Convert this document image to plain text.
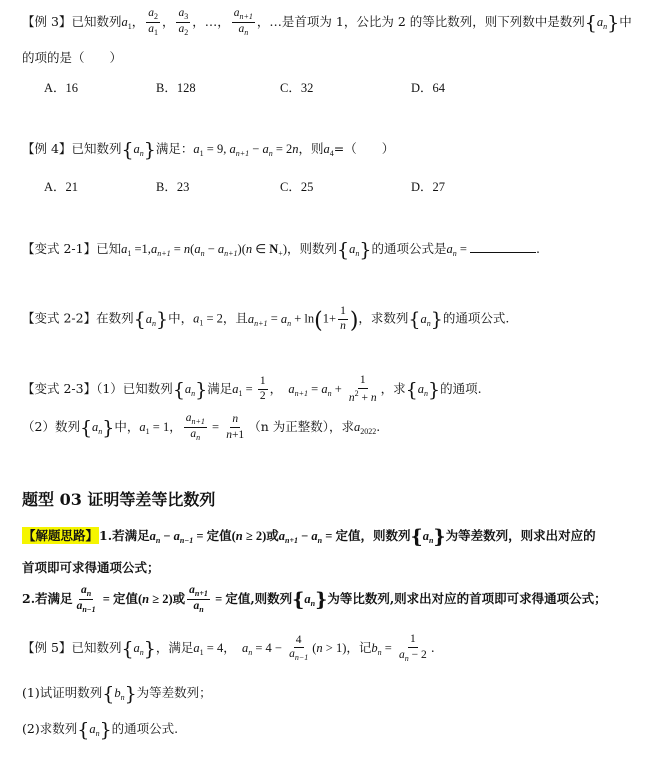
【例 3】已知数列$a_1$， $\frac{a_2}{a_1}$ ， $\frac{a_3}{a_2}$ ，…， $\frac{a_{n+1}}{a_n}$ ，…是首项为 1，公比为 2 的等比数列，则下列数中是数列$\{a_n\}$中
的项的是（　　）
A．16	B．128	C．32	D．64
【例 4】已知数列$\{a_n\}$满足：$a_1 = 9$, $a_{n+1} - a_n = 2n$，则$a_4=$（　　）
A．21	B．23	C．25	D．27
【变式 2-1】已知$a_1 =1,a_{n+1} = n(a_n - a_{n+1})(n$ ∈ $N_+$)，则数列$\{a_n\}$的通项公式是$a_n$ =	.
【变式 2-2】在数列$\{a_n\}$中，$a_1 = 2$，且$a_{n+1} = a_n + \ln(1+ \frac{1}{n}$ )，求数列$\{a_n\}$的通项公式.
【变式 2-3】（1）已知数列$\{a_n\}$满足$a_1 = \frac{1}{2}$ ，　$a_{n+1} = a_n + \frac{1}{n^2 + n}$ ，求$\{a_n\}$的通项.
（2）数列$\{a_n\}$中，$a_1 = 1$， $\frac{a_{n+1}}{a_n} = \frac{n}{n+1} (n$ 为正整数），求$a_{2022}$.
题型 03 证明等差等比数列
【解题思路】1.若满足$a_n - a_{n-1}$ = 定值(n ≥ 2)或$a_{n+1} - a_n$ = 定值，则数列$\{a_n\}$为等差数列，则求出对应的
首项即可求得通项公式；
2.若满足 $\frac{a_n}{a_{n-1}}$ = 定值(n ≥ 2)或 $\frac{a_{n+1}}{a_n}$ = 定值,则数列$\{a_n\}$为等比数列,则求出对应的首项即可求得通项公式；
【例 5】已知数列$\{a_n\}$，满足$a_1 = 4$，　$a_n = 4 - \frac{4}{a_{n-1}} (n > 1)$，记$b_n = \frac{1}{a_n - 2}$ .
(1)试证明数列$\{b_n\}$为等差数列；
(2)求数列$\{a_n\}$的通项公式.
